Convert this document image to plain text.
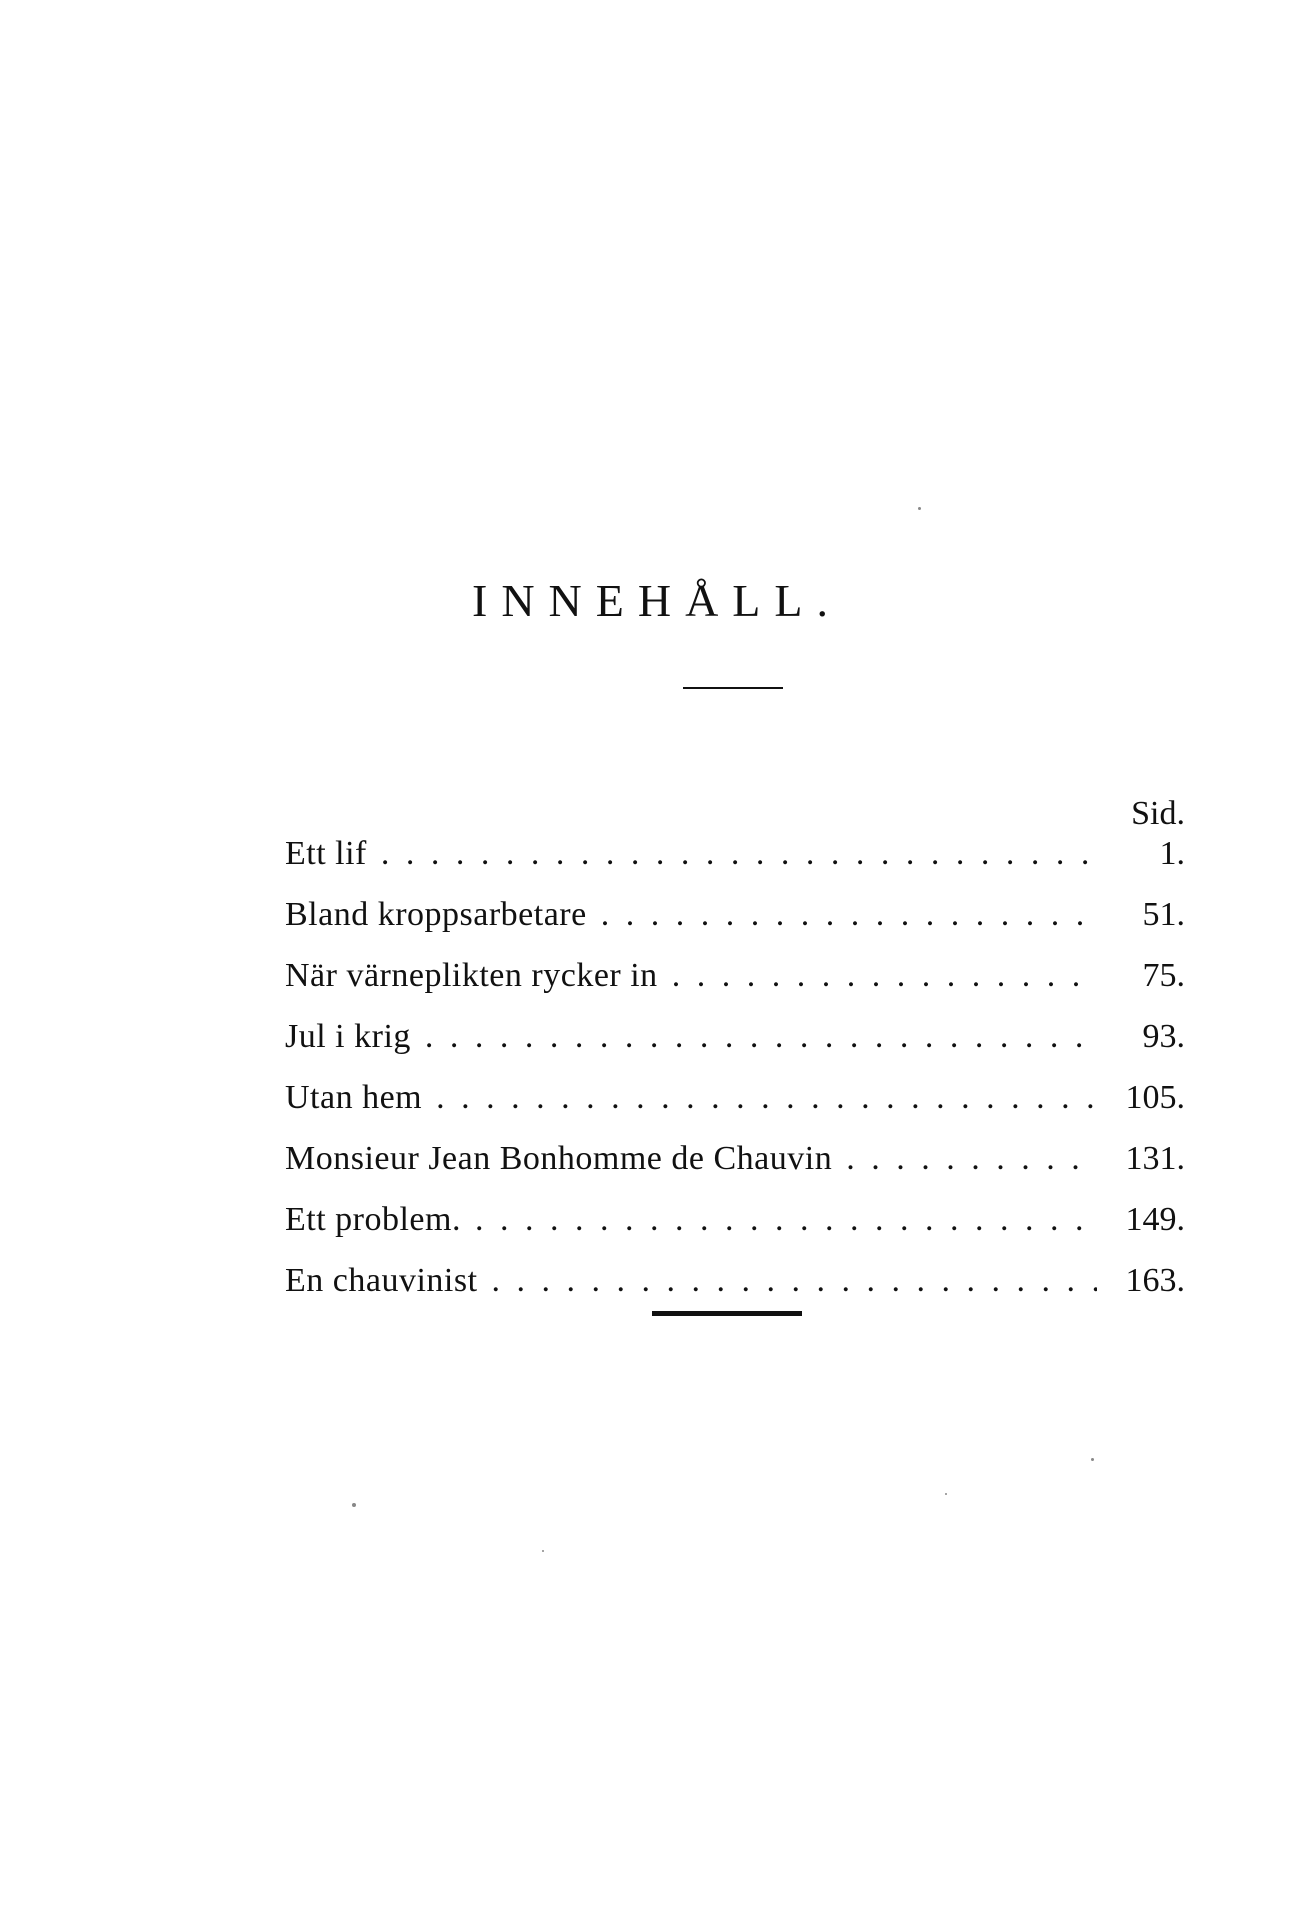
INNEHÅLL.
Sid.
Ett lif . . .	1.
Bland kroppsarbetare . . .	51.
När värneplikten rycker in . . .	75.
Jul i krig . . .	93.
Utan hem . . .	105.
Monsieur Jean Bonhomme de Chauvin . . .	131.
Ett problem. . . .	149.
En chauvinist . . .	163.
